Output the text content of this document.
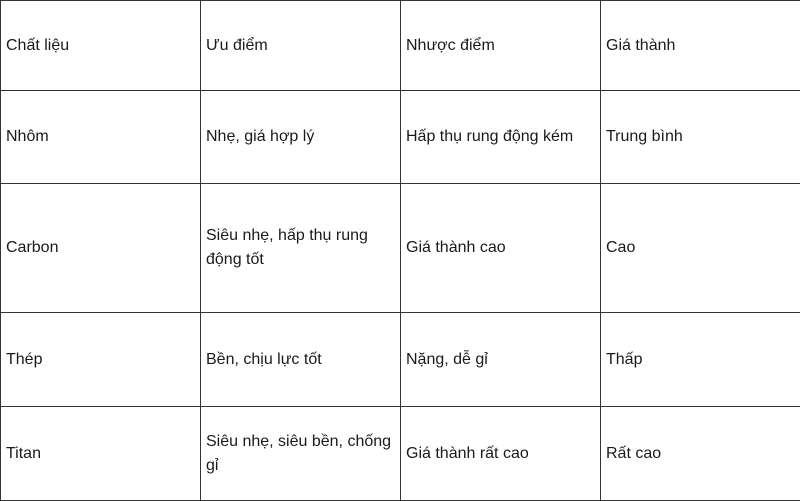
Chất liệu	Ưu điểm	Nhược điểm	Giá thành
Nhôm	Nhẹ, giá hợp lý	Hấp thụ rung động kém	Trung bình
Carbon	Siêu nhẹ, hấp thụ rung động tốt	Giá thành cao	Cao
Thép	Bền, chịu lực tốt	Nặng, dễ gỉ	Thấp
Titan	Siêu nhẹ, siêu bền, chống gỉ	Giá thành rất cao	Rất cao
